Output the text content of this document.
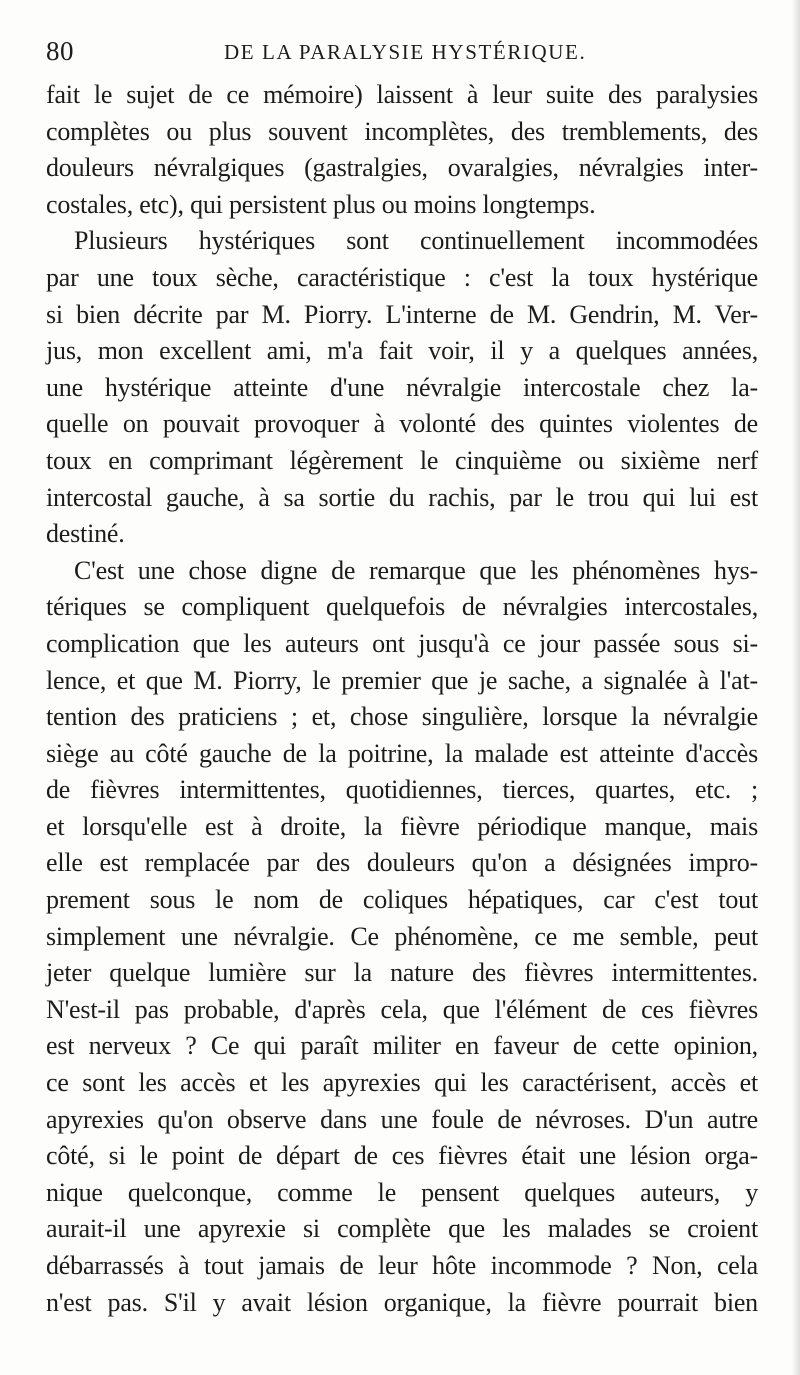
80	DE LA PARALYSIE HYSTÉRIQUE.
fait le sujet de ce mémoire) laissent à leur suite des paralysies
complètes ou plus souvent incomplètes, des tremblements, des
douleurs névralgiques (gastralgies, ovaralgies, névralgies inter-
costales, etc), qui persistent plus ou moins longtemps.
Plusieurs hystériques sont continuellement incommodées
par une toux sèche, caractéristique : c'est la toux hystérique
si bien décrite par M. Piorry. L'interne de M. Gendrin, M. Ver-
jus, mon excellent ami, m'a fait voir, il y a quelques années,
une hystérique atteinte d'une névralgie intercostale chez la-
quelle on pouvait provoquer à volonté des quintes violentes de
toux en comprimant légèrement le cinquième ou sixième nerf
intercostal gauche, à sa sortie du rachis, par le trou qui lui est
destiné.
C'est une chose digne de remarque que les phénomènes hys-
tériques se compliquent quelquefois de névralgies intercostales,
complication que les auteurs ont jusqu'à ce jour passée sous si-
lence, et que M. Piorry, le premier que je sache, a signalée à l'at-
tention des praticiens ; et, chose singulière, lorsque la névralgie
siège au côté gauche de la poitrine, la malade est atteinte d'accès
de fièvres intermittentes, quotidiennes, tierces, quartes, etc. ;
et lorsqu'elle est à droite, la fièvre périodique manque, mais
elle est remplacée par des douleurs qu'on a désignées impro-
prement sous le nom de coliques hépatiques, car c'est tout
simplement une névralgie. Ce phénomène, ce me semble, peut
jeter quelque lumière sur la nature des fièvres intermittentes.
N'est-il pas probable, d'après cela, que l'élément de ces fièvres
est nerveux ? Ce qui paraît militer en faveur de cette opinion,
ce sont les accès et les apyrexies qui les caractérisent, accès et
apyrexies qu'on observe dans une foule de névroses. D'un autre
côté, si le point de départ de ces fièvres était une lésion orga-
nique quelconque, comme le pensent quelques auteurs, y
aurait-il une apyrexie si complète que les malades se croient
débarrassés à tout jamais de leur hôte incommode ? Non, cela
n'est pas. S'il y avait lésion organique, la fièvre pourrait bien
